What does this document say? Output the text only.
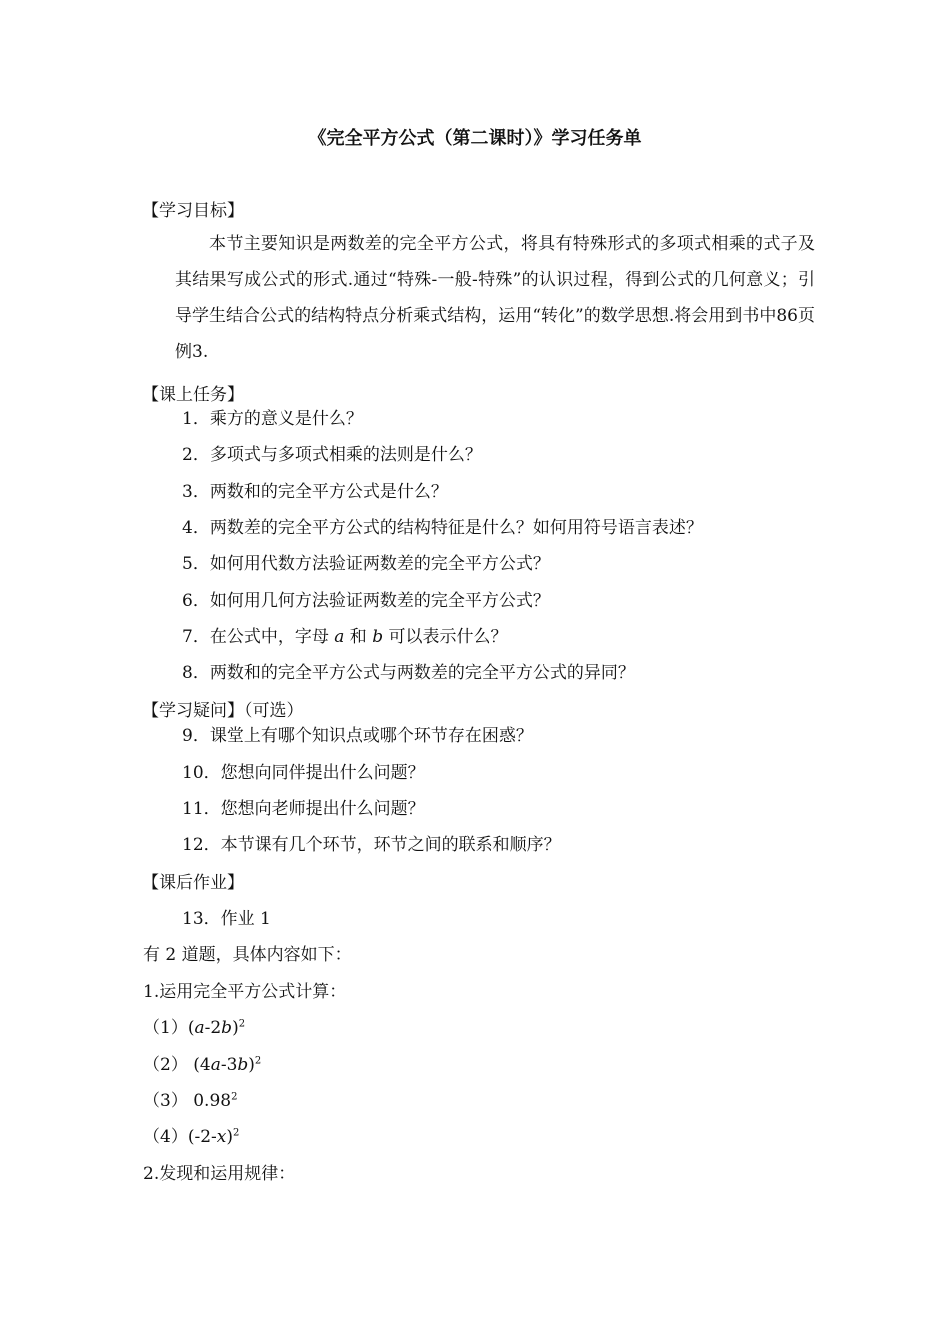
《完全平方公式（第二课时）》学习任务单
【学习目标】
本节主要知识是两数差的完全平方公式，将具有特殊形式的多项式相乘的式子及其结果写成公式的形式.通过“特殊-一般-特殊”的认识过程，得到公式的几何意义；引导学生结合公式的结构特点分析乘式结构，运用“转化”的数学思想.将会用到书中86页例3.
【课上任务】
1．乘方的意义是什么？
2．多项式与多项式相乘的法则是什么？
3．两数和的完全平方公式是什么？
4．两数差的完全平方公式的结构特征是什么？如何用符号语言表述？
5．如何用代数方法验证两数差的完全平方公式？
6．如何用几何方法验证两数差的完全平方公式？
7．在公式中，字母 a 和 b 可以表示什么？
8．两数和的完全平方公式与两数差的完全平方公式的异同？
【学习疑问】（可选）
9．课堂上有哪个知识点或哪个环节存在困惑？
10．您想向同伴提出什么问题？
11．您想向老师提出什么问题？
12．本节课有几个环节，环节之间的联系和顺序？
【课后作业】
13．作业 1
有 2 道题，具体内容如下：
1.运用完全平方公式计算：
$(1)(a-2b)^2$
（2） $(4a-3b)^2$
（3） 0.98$^2$
$(4)(-2-x)^2$
2.发现和运用规律：
